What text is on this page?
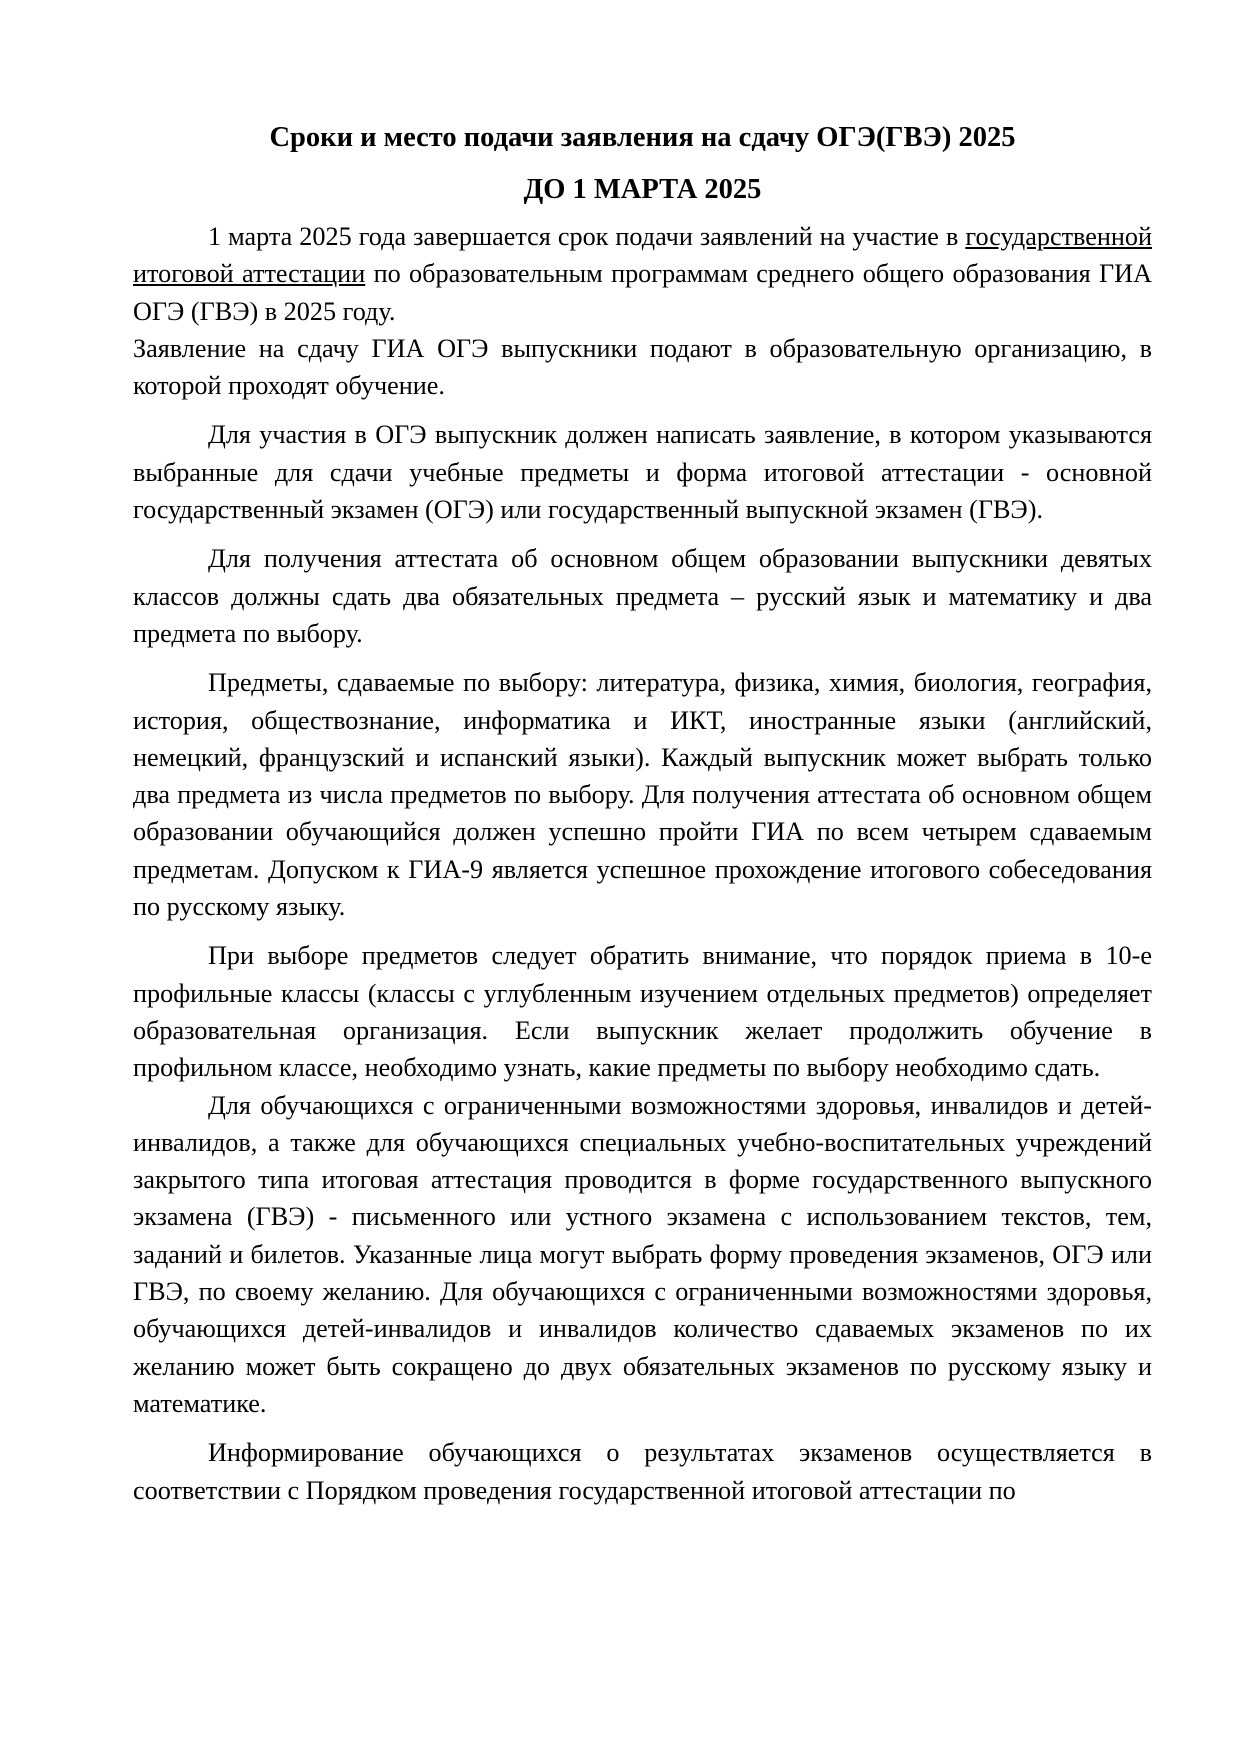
Сроки и место подачи заявления на сдачу ОГЭ(ГВЭ) 2025
ДО 1 МАРТА 2025

1 марта 2025 года завершается срок подачи заявлений на участие в государственной итоговой аттестации по образовательным программам среднего общего образования ГИА ОГЭ (ГВЭ) в 2025 году.

Заявление на сдачу ГИА ОГЭ выпускники подают в образовательную организацию, в которой проходят обучение.

Для участия в ОГЭ выпускник должен написать заявление, в котором указываются выбранные для сдачи учебные предметы и форма итоговой аттестации - основной государственный экзамен (ОГЭ) или государственный выпускной экзамен (ГВЭ).

Для получения аттестата об основном общем образовании выпускники девятых классов должны сдать два обязательных предмета – русский язык и математику и два предмета по выбору.

Предметы, сдаваемые по выбору: литература, физика, химия, биология, география, история, обществознание, информатика и ИКТ, иностранные языки (английский, немецкий, французский и испанский языки). Каждый выпускник может выбрать только два предмета из числа предметов по выбору. Для получения аттестата об основном общем образовании обучающийся должен успешно пройти ГИА по всем четырем сдаваемым предметам. Допуском к ГИА-9 является успешное прохождение итогового собеседования по русскому языку.

При выборе предметов следует обратить внимание, что порядок приема в 10-е профильные классы (классы с углубленным изучением отдельных предметов) определяет образовательная организация. Если выпускник желает продолжить обучение в профильном классе, необходимо узнать, какие предметы по выбору необходимо сдать.

Для обучающихся с ограниченными возможностями здоровья, инвалидов и детей-инвалидов, а также для обучающихся специальных учебно-воспитательных учреждений закрытого типа итоговая аттестация проводится в форме государственного выпускного экзамена (ГВЭ) - письменного или устного экзамена с использованием текстов, тем, заданий и билетов. Указанные лица могут выбрать форму проведения экзаменов, ОГЭ или ГВЭ, по своему желанию. Для обучающихся с ограниченными возможностями здоровья, обучающихся детей-инвалидов и инвалидов количество сдаваемых экзаменов по их желанию может быть сокращено до двух обязательных экзаменов по русскому языку и математике.

Информирование обучающихся о результатах экзаменов осуществляется в соответствии с Порядком проведения государственной итоговой аттестации по
